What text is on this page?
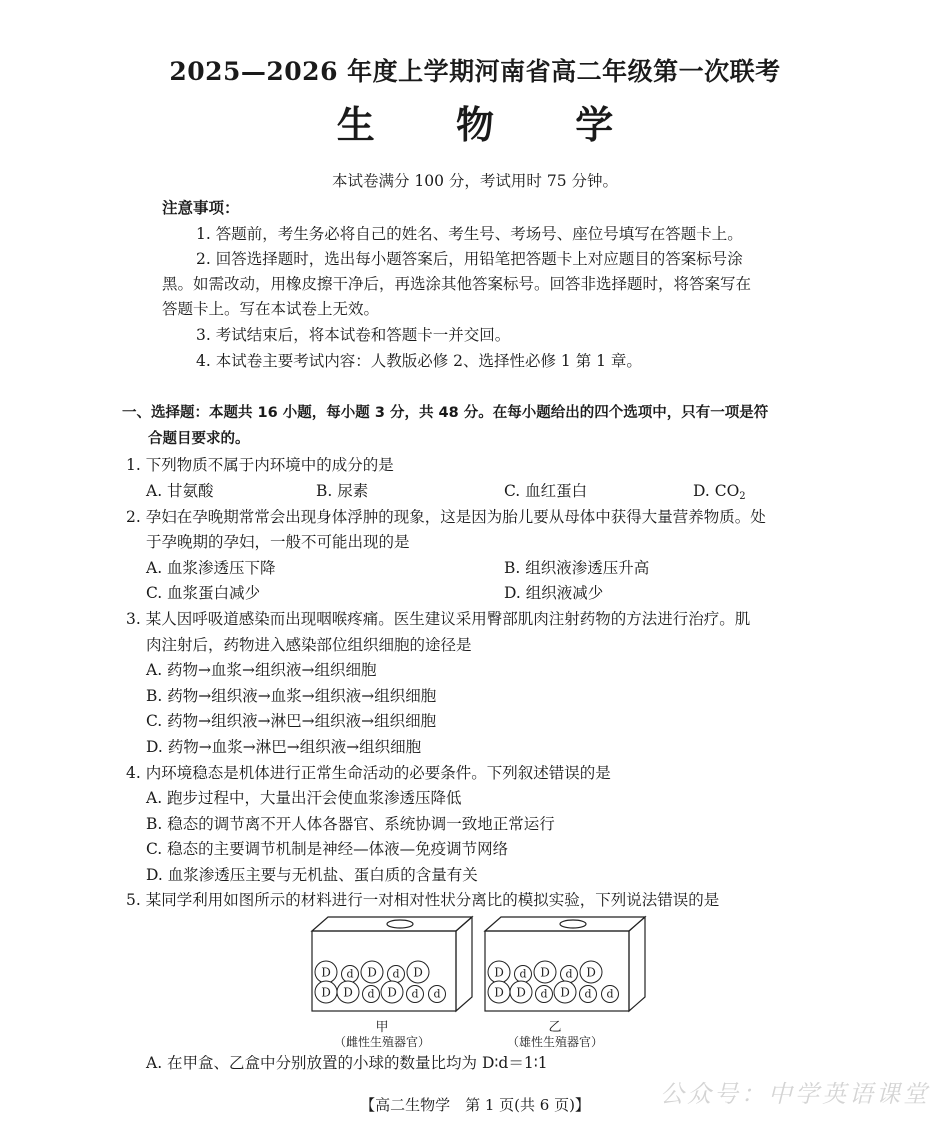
2025—2026 年度上学期河南省高二年级第一次联考
生 物 学
本试卷满分 100 分，考试用时 75 分钟。
注意事项：
1. 答题前，考生务必将自己的姓名、考生号、考场号、座位号填写在答题卡上。
2. 回答选择题时，选出每小题答案后，用铅笔把答题卡上对应题目的答案标号涂
黑。如需改动，用橡皮擦干净后，再选涂其他答案标号。回答非选择题时，将答案写在
答题卡上。写在本试卷上无效。
3. 考试结束后，将本试卷和答题卡一并交回。
4. 本试卷主要考试内容：人教版必修 2、选择性必修 1 第 1 章。
一、选择题：本题共 16 小题，每小题 3 分，共 48 分。在每小题给出的四个选项中，只有一项是符
合题目要求的。
1. 下列物质不属于内环境中的成分的是
A. 甘氨酸	B. 尿素	C. 血红蛋白	D. $CO_2$
2. 孕妇在孕晚期常常会出现身体浮肿的现象，这是因为胎儿要从母体中获得大量营养物质。处
于孕晚期的孕妇，一般不可能出现的是
A. 血浆渗透压下降	B. 组织液渗透压升高
C. 血浆蛋白减少	D. 组织液减少
3. 某人因呼吸道感染而出现咽喉疼痛。医生建议采用臀部肌肉注射药物的方法进行治疗。肌
肉注射后，药物进入感染部位组织细胞的途径是
A. 药物→血浆→组织液→组织细胞
B. 药物→组织液→血浆→组织液→组织细胞
C. 药物→组织液→淋巴→组织液→组织细胞
D. 药物→血浆→淋巴→组织液→组织细胞
4. 内环境稳态是机体进行正常生命活动的必要条件。下列叙述错误的是
A. 跑步过程中，大量出汗会使血浆渗透压降低
B. 稳态的调节离不开人体各器官、系统协调一致地正常运行
C. 稳态的主要调节机制是神经—体液—免疫调节网络
D. 血浆渗透压主要与无机盐、蛋白质的含量有关
5. 某同学利用如图所示的材料进行一对相对性状分离比的模拟实验，下列说法错误的是
D d D d D
D D d D d d
甲
（雌性生殖器官）
D d D d D
D D d D d d
乙
（雄性生殖器官）
A. 在甲盒、乙盒中分别放置的小球的数量比均为 D∶d＝1∶1
公众号：中学英语课堂
【高二生物学　第 1 页(共 6 页)】
